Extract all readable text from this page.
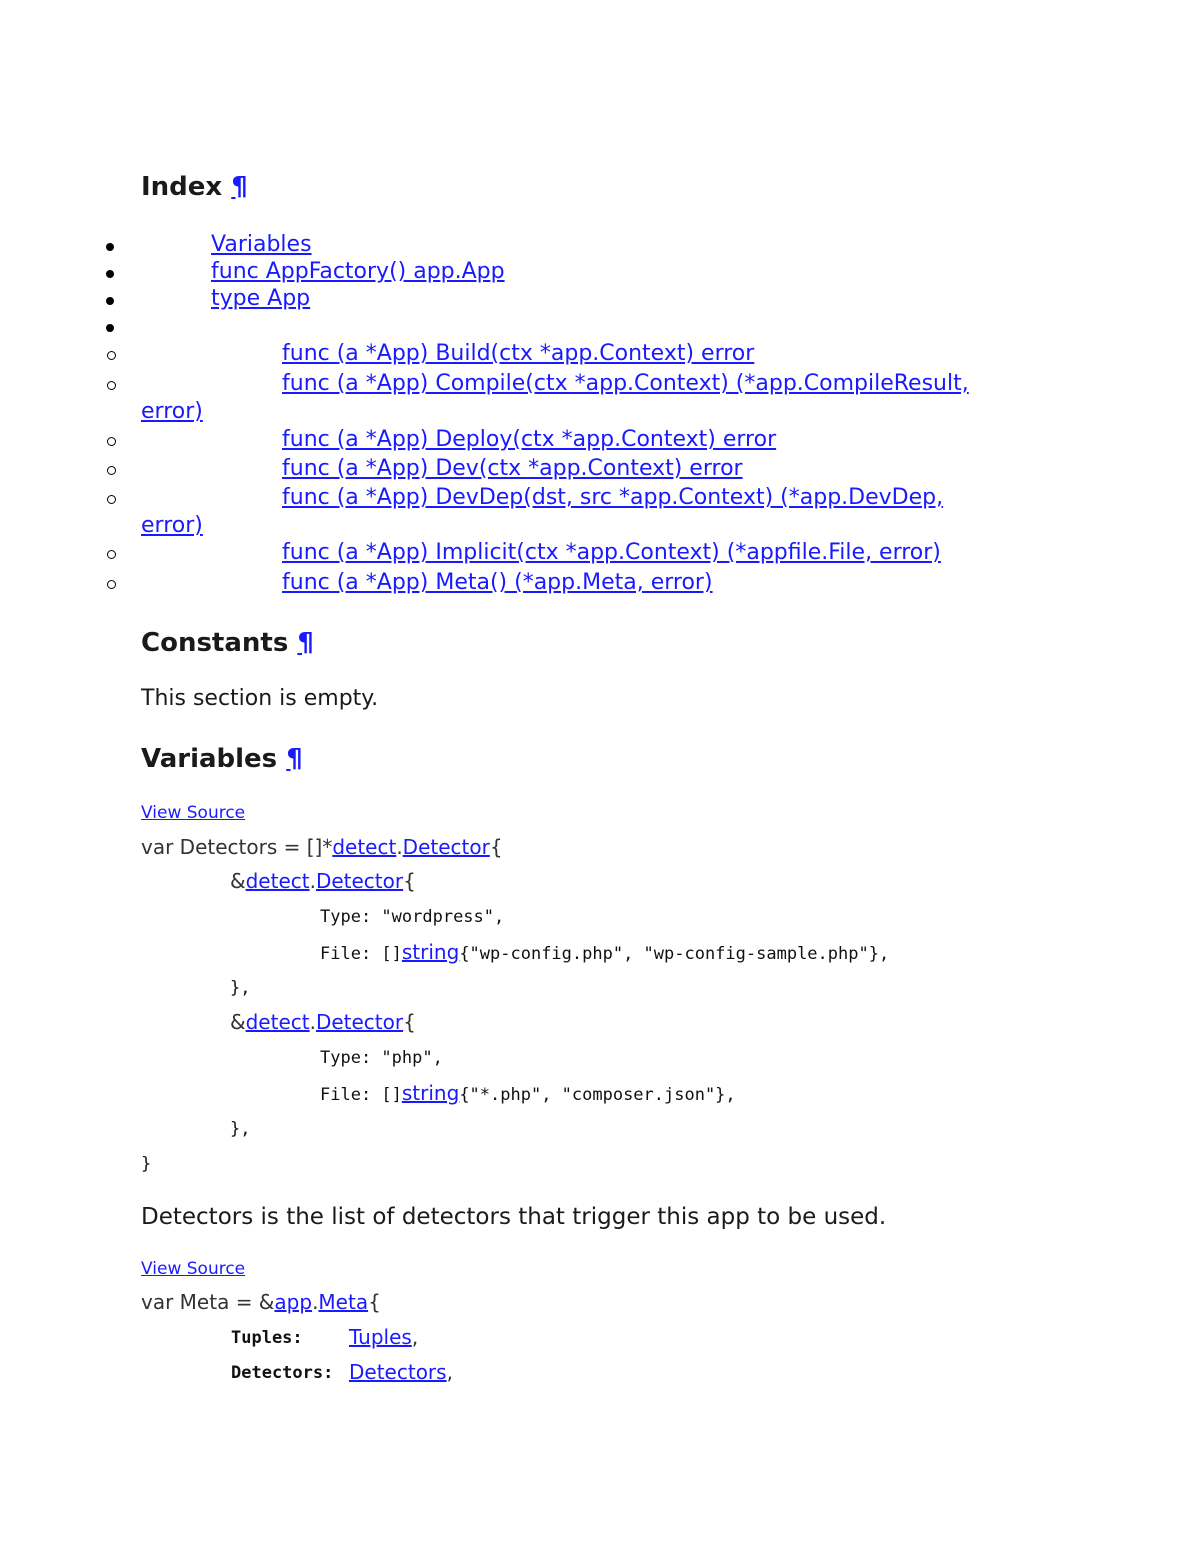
Index ¶
Variables
func AppFactory() app.App
type App
func (a *App) Build(ctx *app.Context) error
func (a *App) Compile(ctx *app.Context) (*app.CompileResult,
error)
func (a *App) Deploy(ctx *app.Context) error
func (a *App) Dev(ctx *app.Context) error
func (a *App) DevDep(dst, src *app.Context) (*app.DevDep,
error)
func (a *App) Implicit(ctx *app.Context) (*appfile.File, error)
func (a *App) Meta() (*app.Meta, error)
Constants ¶
This section is empty.
Variables ¶
View Source
var Detectors = []*detect.Detector{
&detect.Detector{
Type: "wordpress",
File: []string{"wp-config.php", "wp-config-sample.php"},
},
&detect.Detector{
Type: "php",
File: []string{"*.php", "composer.json"},
},
}
Detectors is the list of detectors that trigger this app to be used.
View Source
var Meta = &app.Meta{
Tuples: Tuples,
Detectors: Detectors,
